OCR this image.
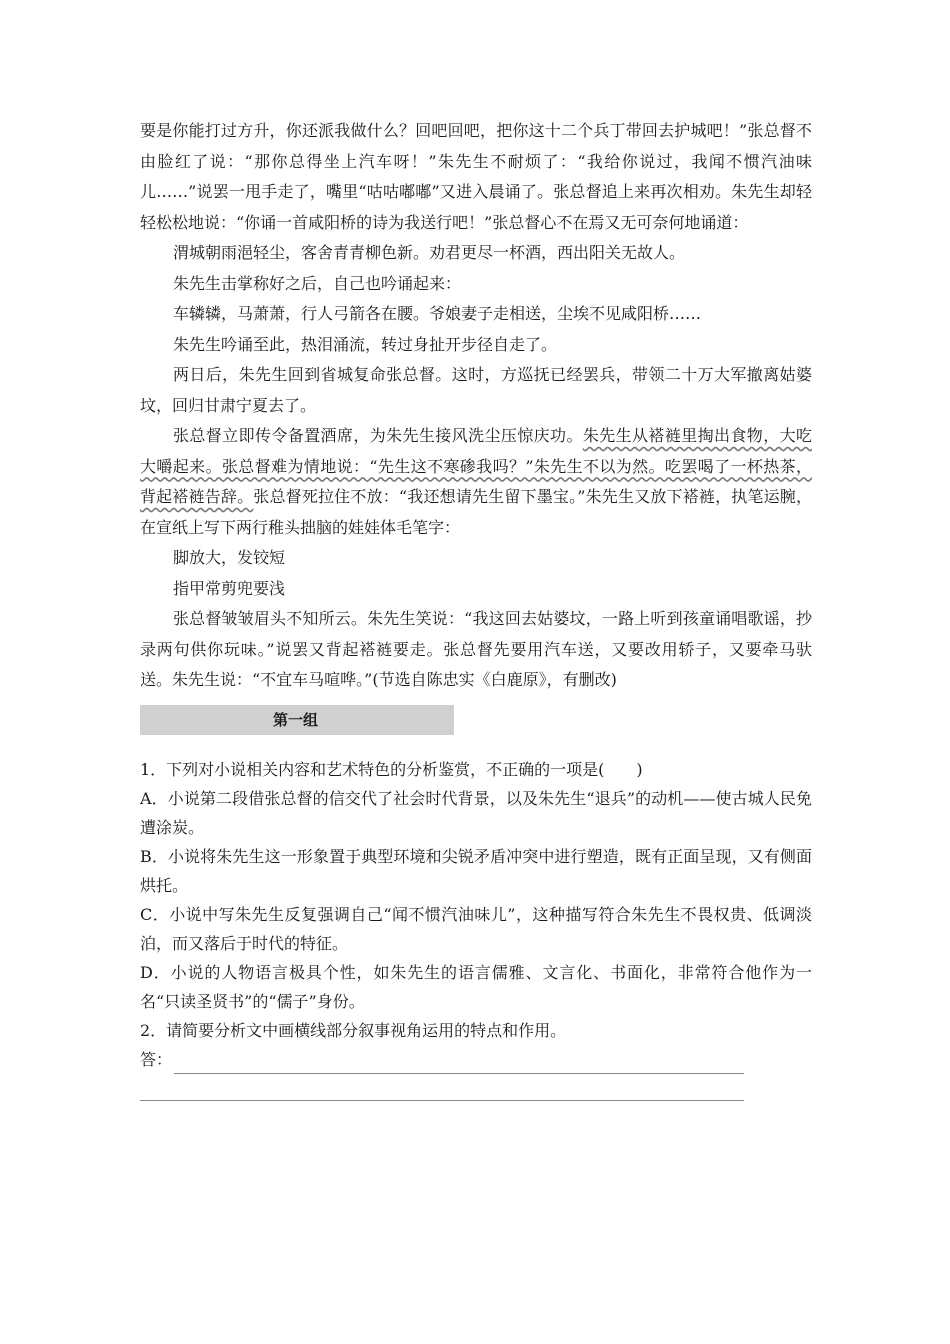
要是你能打过方升，你还派我做什么？回吧回吧，把你这十二个兵丁带回去护城吧！”张总督不由脸红了说：“那你总得坐上汽车呀！”朱先生不耐烦了：“我给你说过，我闻不惯汽油味儿……”说罢一甩手走了，嘴里“咕咕嘟嘟”又进入晨诵了。张总督追上来再次相劝。朱先生却轻轻松松地说：“你诵一首咸阳桥的诗为我送行吧！”张总督心不在焉又无可奈何地诵道：

渭城朝雨浥轻尘，客舍青青柳色新。劝君更尽一杯酒，西出阳关无故人。

朱先生击掌称好之后，自己也吟诵起来：

车辚辚，马萧萧，行人弓箭各在腰。爷娘妻子走相送，尘埃不见咸阳桥……

朱先生吟诵至此，热泪涌流，转过身扯开步径自走了。

两日后，朱先生回到省城复命张总督。这时，方巡抚已经罢兵，带领二十万大军撤离姑婆坟，回归甘肃宁夏去了。

张总督立即传令备置酒席，为朱先生接风洗尘压惊庆功。朱先生从褡裢里掏出食物，大吃大嚼起来。张总督难为情地说：“先生这不寒碜我吗？”朱先生不以为然。吃罢喝了一杯热茶，背起褡裢告辞。张总督死拉住不放：“我还想请先生留下墨宝。”朱先生又放下褡裢，执笔运腕，在宣纸上写下两行稚头拙脑的娃娃体毛笔字：

脚放大，发铰短

指甲常剪兜要浅

张总督皱皱眉头不知所云。朱先生笑说：“我这回去姑婆坟，一路上听到孩童诵唱歌谣，抄录两句供你玩味。”说罢又背起褡裢要走。张总督先要用汽车送，又要改用轿子，又要牵马驮送。朱先生说：“不宜车马喧哗。”(节选自陈忠实《白鹿原》，有删改)

第一组

1．下列对小说相关内容和艺术特色的分析鉴赏，不正确的一项是(　　)

A．小说第二段借张总督的信交代了社会时代背景，以及朱先生“退兵”的动机——使古城人民免遭涂炭。

B．小说将朱先生这一形象置于典型环境和尖锐矛盾冲突中进行塑造，既有正面呈现，又有侧面烘托。

C．小说中写朱先生反复强调自己“闻不惯汽油味儿”，这种描写符合朱先生不畏权贵、低调淡泊，而又落后于时代的特征。

D．小说的人物语言极具个性，如朱先生的语言儒雅、文言化、书面化，非常符合他作为一名“只读圣贤书”的“儒子”身份。

2．请简要分析文中画横线部分叙事视角运用的特点和作用。

答：
